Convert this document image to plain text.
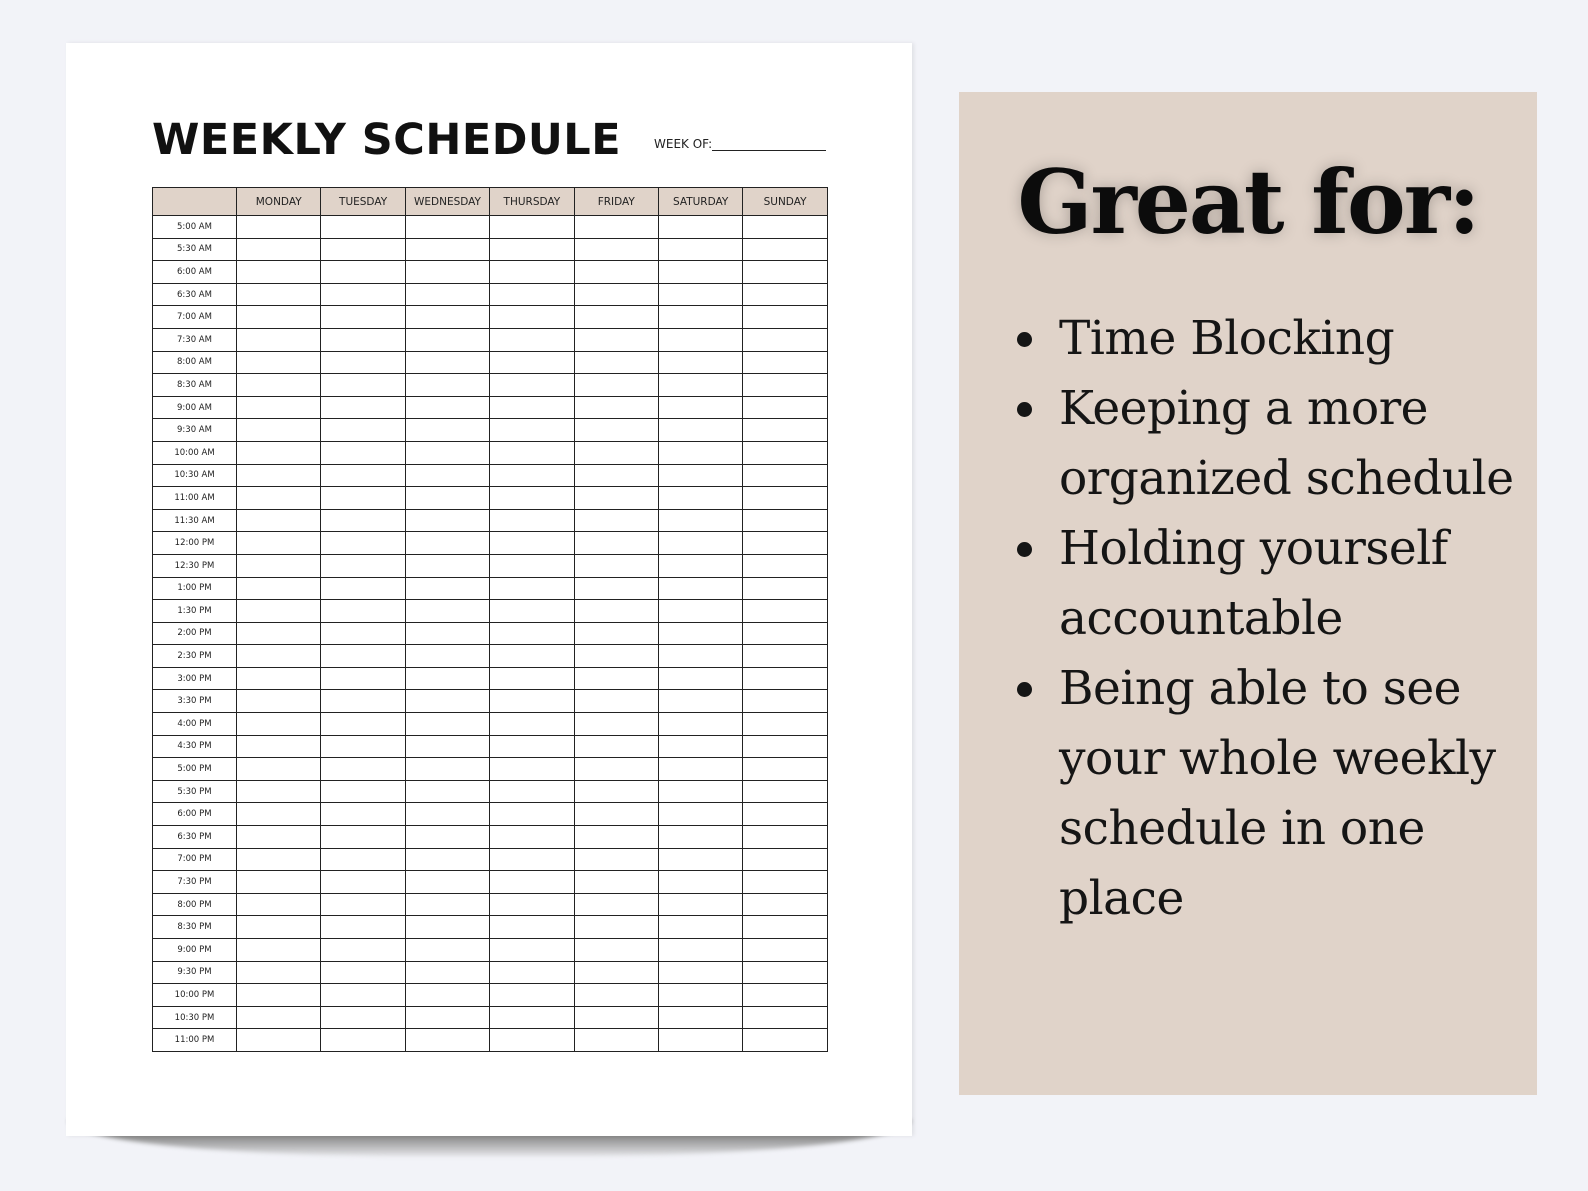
WEEKLY SCHEDULE	WEEK OF:
	MONDAY	TUESDAY	WEDNESDAY	THURSDAY	FRIDAY	SATURDAY	SUNDAY
5:00 AM							
5:30 AM							
6:00 AM							
6:30 AM							
7:00 AM							
7:30 AM							
8:00 AM							
8:30 AM							
9:00 AM							
9:30 AM							
10:00 AM							
10:30 AM							
11:00 AM							
11:30 AM							
12:00 PM							
12:30 PM							
1:00 PM							
1:30 PM							
2:00 PM							
2:30 PM							
3:00 PM							
3:30 PM							
4:00 PM							
4:30 PM							
5:00 PM							
5:30 PM							
6:00 PM							
6:30 PM							
7:00 PM							
7:30 PM							
8:00 PM							
8:30 PM							
9:00 PM							
9:30 PM							
10:00 PM							
10:30 PM							
11:00 PM							
Great for:
Time Blocking
Keeping a more organized schedule
Holding yourself accountable
Being able to see your whole weekly schedule in one place
